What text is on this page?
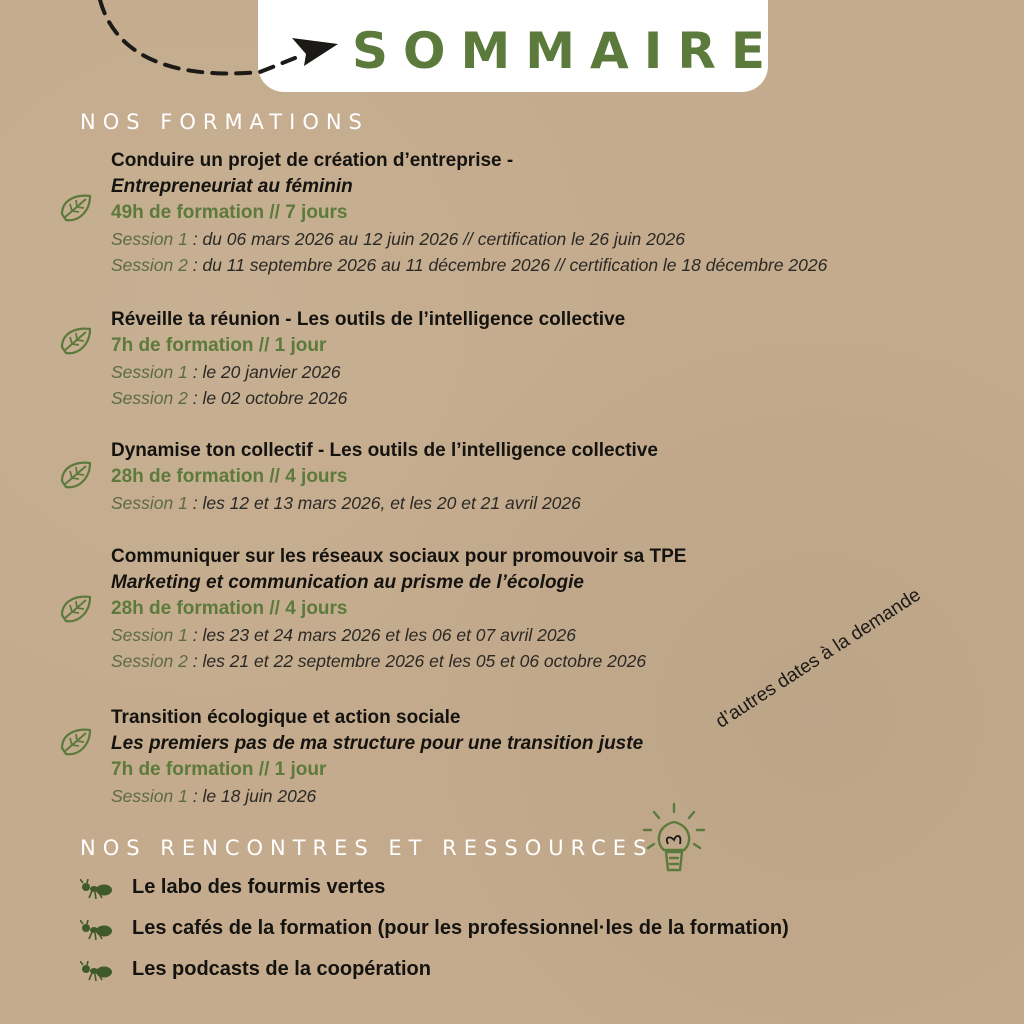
SOMMAIRE
NOS FORMATIONS
Conduire un projet de création d’entreprise -
Entrepreneuriat au féminin
49h de formation // 7 jours
Session 1 : du 06 mars 2026 au 12 juin 2026 // certification le 26 juin 2026
Session 2 : du 11 septembre 2026 au 11 décembre 2026 // certification le 18 décembre 2026
Réveille ta réunion - Les outils de l’intelligence collective
7h de formation // 1 jour
Session 1 : le 20 janvier 2026
Session 2 : le 02 octobre 2026
Dynamise ton collectif - Les outils de l’intelligence collective
28h de formation // 4 jours
Session 1 : les 12 et 13 mars 2026, et les 20 et 21 avril 2026
Communiquer sur les réseaux sociaux pour promouvoir sa TPE
Marketing et communication au prisme de l’écologie
28h de formation // 4 jours
Session 1 : les 23 et 24 mars 2026 et les 06 et 07 avril 2026
Session 2 : les 21 et 22 septembre 2026 et les 05 et 06 octobre 2026
Transition écologique et action sociale
Les premiers pas de ma structure pour une transition juste
7h de formation // 1 jour
Session 1 : le 18 juin 2026
d’autres dates à la demande
NOS RENCONTRES ET RESSOURCES
Le labo des fourmis vertes
Les cafés de la formation (pour les professionnel·les de la formation)
Les podcasts de la coopération
